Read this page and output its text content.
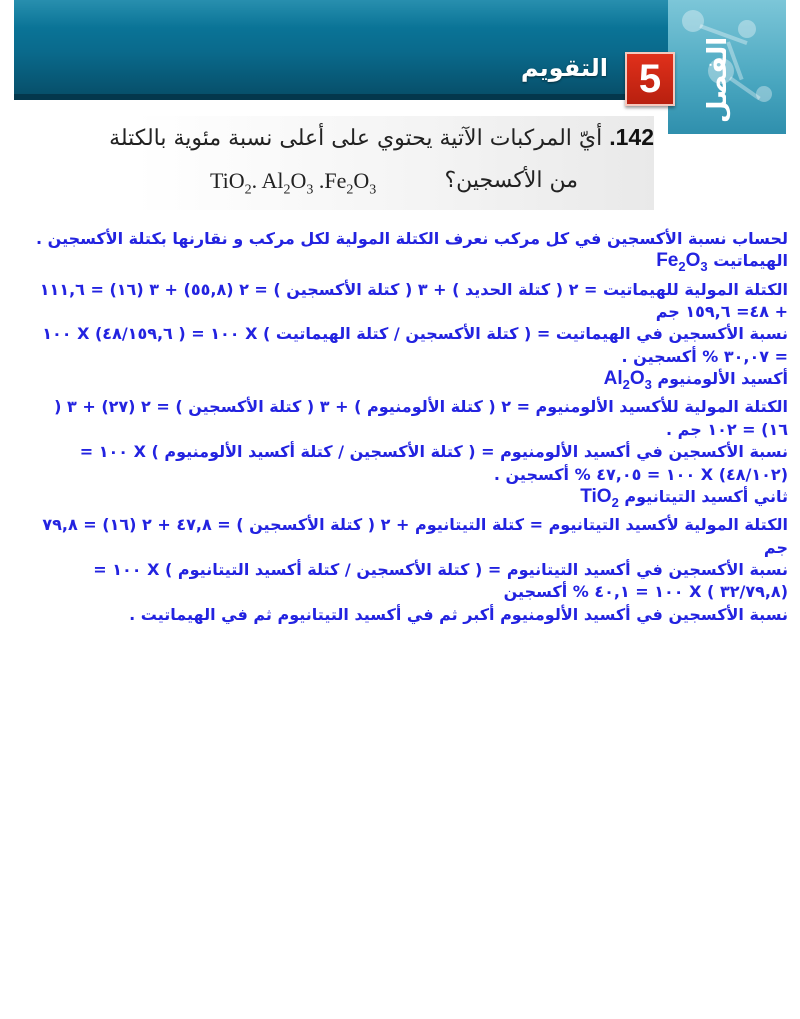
الفصل
5
التقويم
142. أيّ المركبات الآتية يحتوي على أعلى نسبة مئوية بالكتلة
من الأكسجين؟
TiO$_2$. $Al_2O_3$ $.Fe_2O_3$
لحساب نسبة الأكسجين في كل مركب نعرف الكتلة المولية لكل مركب و نقارنها بكتلة الأكسجين .
الهيماتيت $Fe_2O_3$
الكتلة المولية للهيماتيت = ٢ ( كتلة الحديد ) + ٣ ( كتلة الأكسجين ) = ٢ (٥٥,٨) + ٣ (١٦) = ١١١,٦ + ٤٨= ١٥٩,٦ جم
نسبة الأكسجين في الهيماتيت = ( كتلة الأكسجين / كتلة الهيماتيت ) X ١٠٠ = ( ٤٨/١٥٩,٦) X ١٠٠ = ٣٠,٠٧ % أكسجين .
أكسيد الألومنيوم $Al_2O_3$
الكتلة المولية للأكسيد الألومنيوم = ٢ ( كتلة الألومنيوم ) + ٣ ( كتلة الأكسجين ) = ٢ (٢٧) + ٣ ( ١٦) = ١٠٢ جم .
نسبة الأكسجين في أكسيد الألومنيوم = ( كتلة الأكسجين / كتلة أكسيد الألومنيوم ) X ١٠٠ = (٤٨/١٠٢) X ١٠٠ = ٤٧,٠٥ % أكسجين .
ثاني أكسيد التيتانيوم TiO$_2$
الكتلة المولية لأكسيد التيتانيوم = كتلة التيتانيوم + ٢ ( كتلة الأكسجين ) = ٤٧,٨ + ٢ (١٦) = ٧٩,٨ جم
نسبة الأكسجين في أكسيد التيتانيوم = ( كتلة الأكسجين / كتلة أكسيد التيتانيوم ) X ١٠٠ = (٣٢/٧٩,٨ ) X ١٠٠ = ٤٠,١ % أكسجين
نسبة الأكسجين في أكسيد الألومنيوم أكبر ثم في أكسيد التيتانيوم ثم في الهيماتيت .
